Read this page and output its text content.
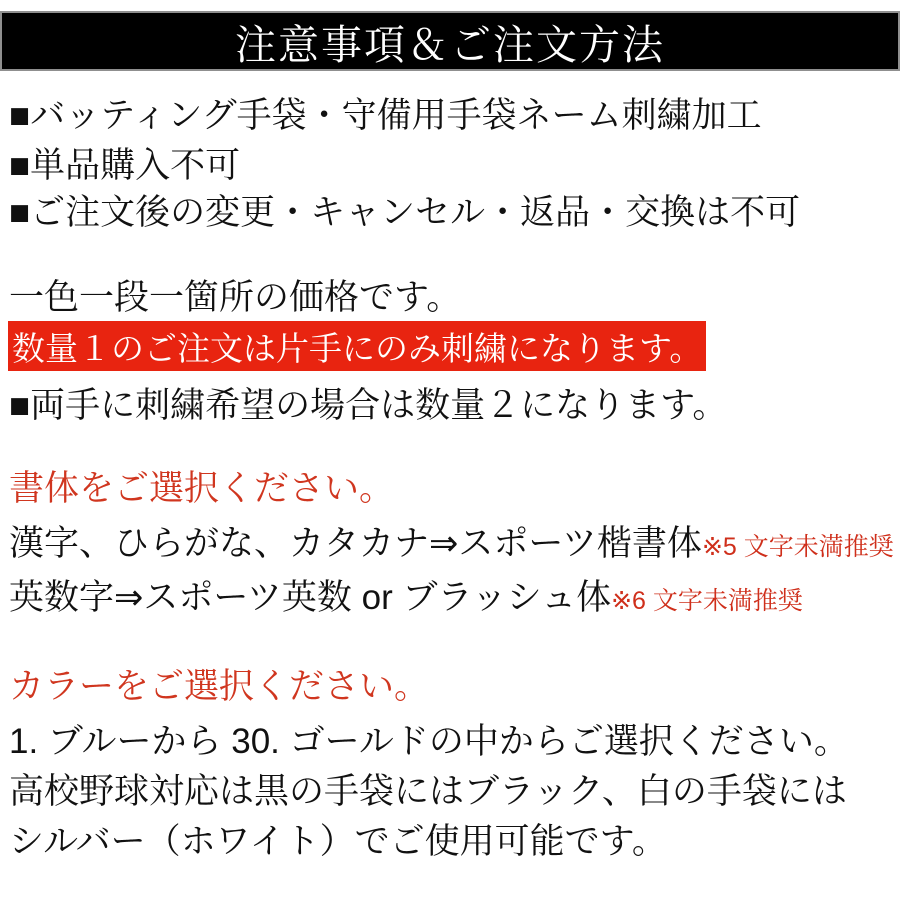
注意事項＆ご注文方法
■バッティング手袋・守備用手袋ネーム刺繍加工
■単品購入不可
■ご注文後の変更・キャンセル・返品・交換は不可
一色一段一箇所の価格です。
数量１のご注文は片手にのみ刺繍になります。
■両手に刺繍希望の場合は数量２になります。
書体をご選択ください。
漢字、ひらがな、カタカナ⇒スポーツ楷書体※5 文字未満推奨
英数字⇒スポーツ英数 or ブラッシュ体※6 文字未満推奨
カラーをご選択ください。
1. ブルーから 30. ゴールドの中からご選択ください。
高校野球対応は黒の手袋にはブラック、白の手袋には
シルバー（ホワイト）でご使用可能です。
